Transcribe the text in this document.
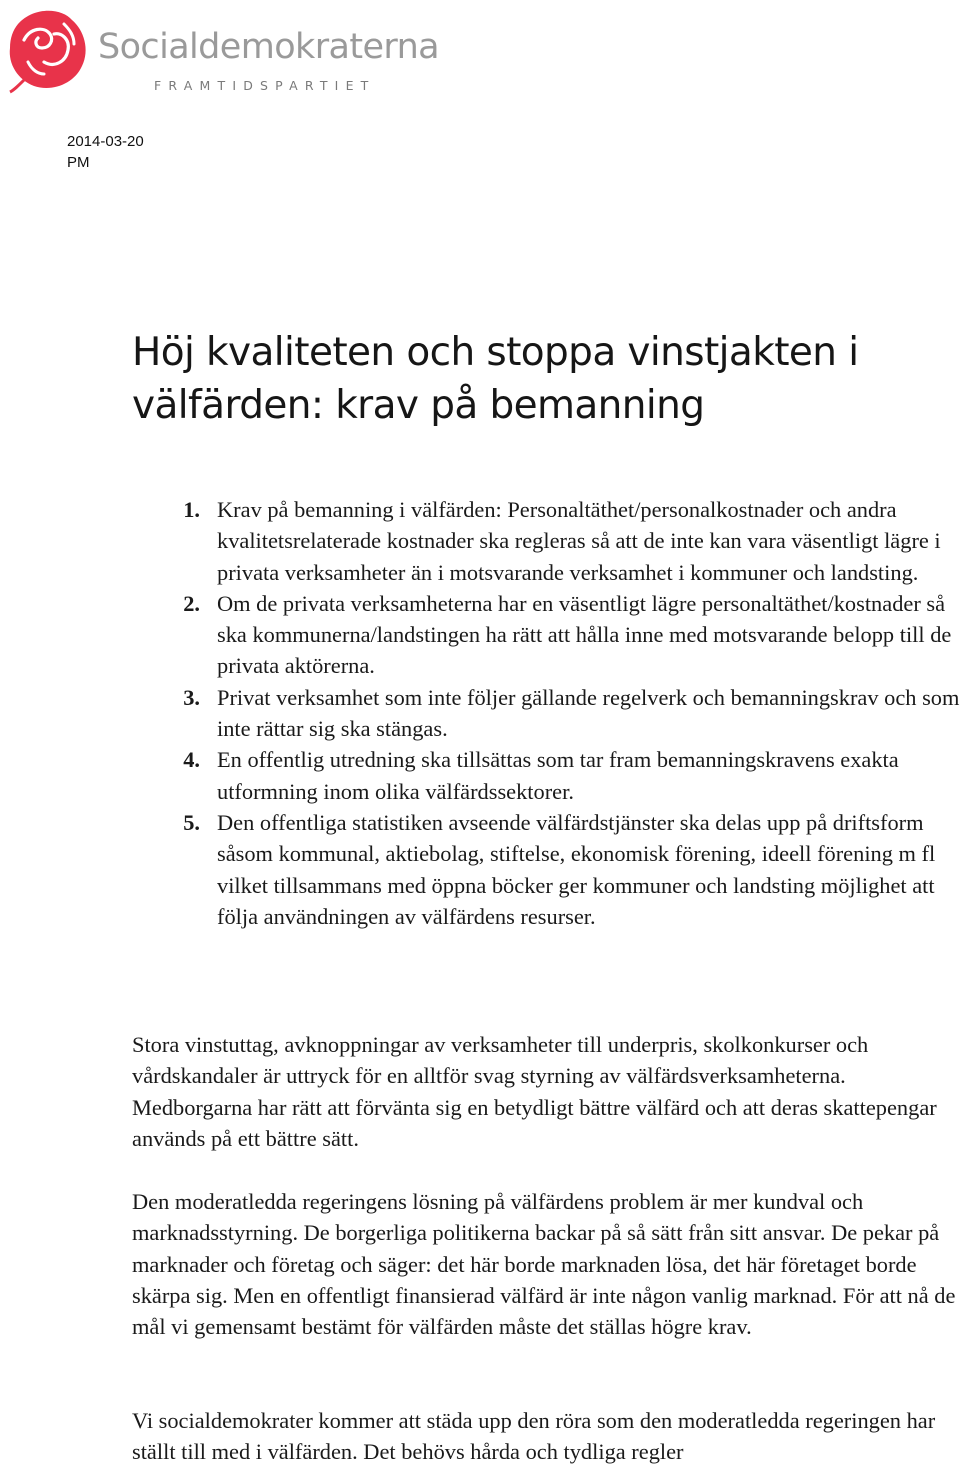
Socialdemokraterna
FRAMTIDSPARTIET
2014-03-20
PM
Höj kvaliteten och stoppa vinstjakten i välfärden: krav på bemanning
1. Krav på bemanning i välfärden: Personaltäthet/personalkostnader och andra kvalitetsrelaterade kostnader ska regleras så att de inte kan vara väsentligt lägre i privata verksamheter än i motsvarande verksamhet i kommuner och landsting.
2. Om de privata verksamheterna har en väsentligt lägre personaltäthet/kostnader så ska kommunerna/landstingen ha rätt att hålla inne med motsvarande belopp till de privata aktörerna.
3. Privat verksamhet som inte följer gällande regelverk och bemanningskrav och som inte rättar sig ska stängas.
4. En offentlig utredning ska tillsättas som tar fram bemanningskravens exakta utformning inom olika välfärdssektorer.
5. Den offentliga statistiken avseende välfärdstjänster ska delas upp på driftsform såsom kommunal, aktiebolag, stiftelse, ekonomisk förening, ideell förening m fl vilket tillsammans med öppna böcker ger kommuner och landsting möjlighet att följa användningen av välfärdens resurser.

Stora vinstuttag, avknoppningar av verksamheter till underpris, skolkonkurser och vårdskandaler är uttryck för en alltför svag styrning av välfärdsverksamheterna. Medborgarna har rätt att förvänta sig en betydligt bättre välfärd och att deras skattepengar används på ett bättre sätt.

Den moderatledda regeringens lösning på välfärdens problem är mer kundval och marknadsstyrning. De borgerliga politikerna backar på så sätt från sitt ansvar. De pekar på marknader och företag och säger: det här borde marknaden lösa, det här företaget borde skärpa sig. Men en offentligt finansierad välfärd är inte någon vanlig marknad. För att nå de mål vi gemensamt bestämt för välfärden måste det ställas högre krav.

Vi socialdemokrater kommer att städa upp den röra som den moderatledda regeringen har ställt till med i välfärden. Det behövs hårda och tydliga regler
